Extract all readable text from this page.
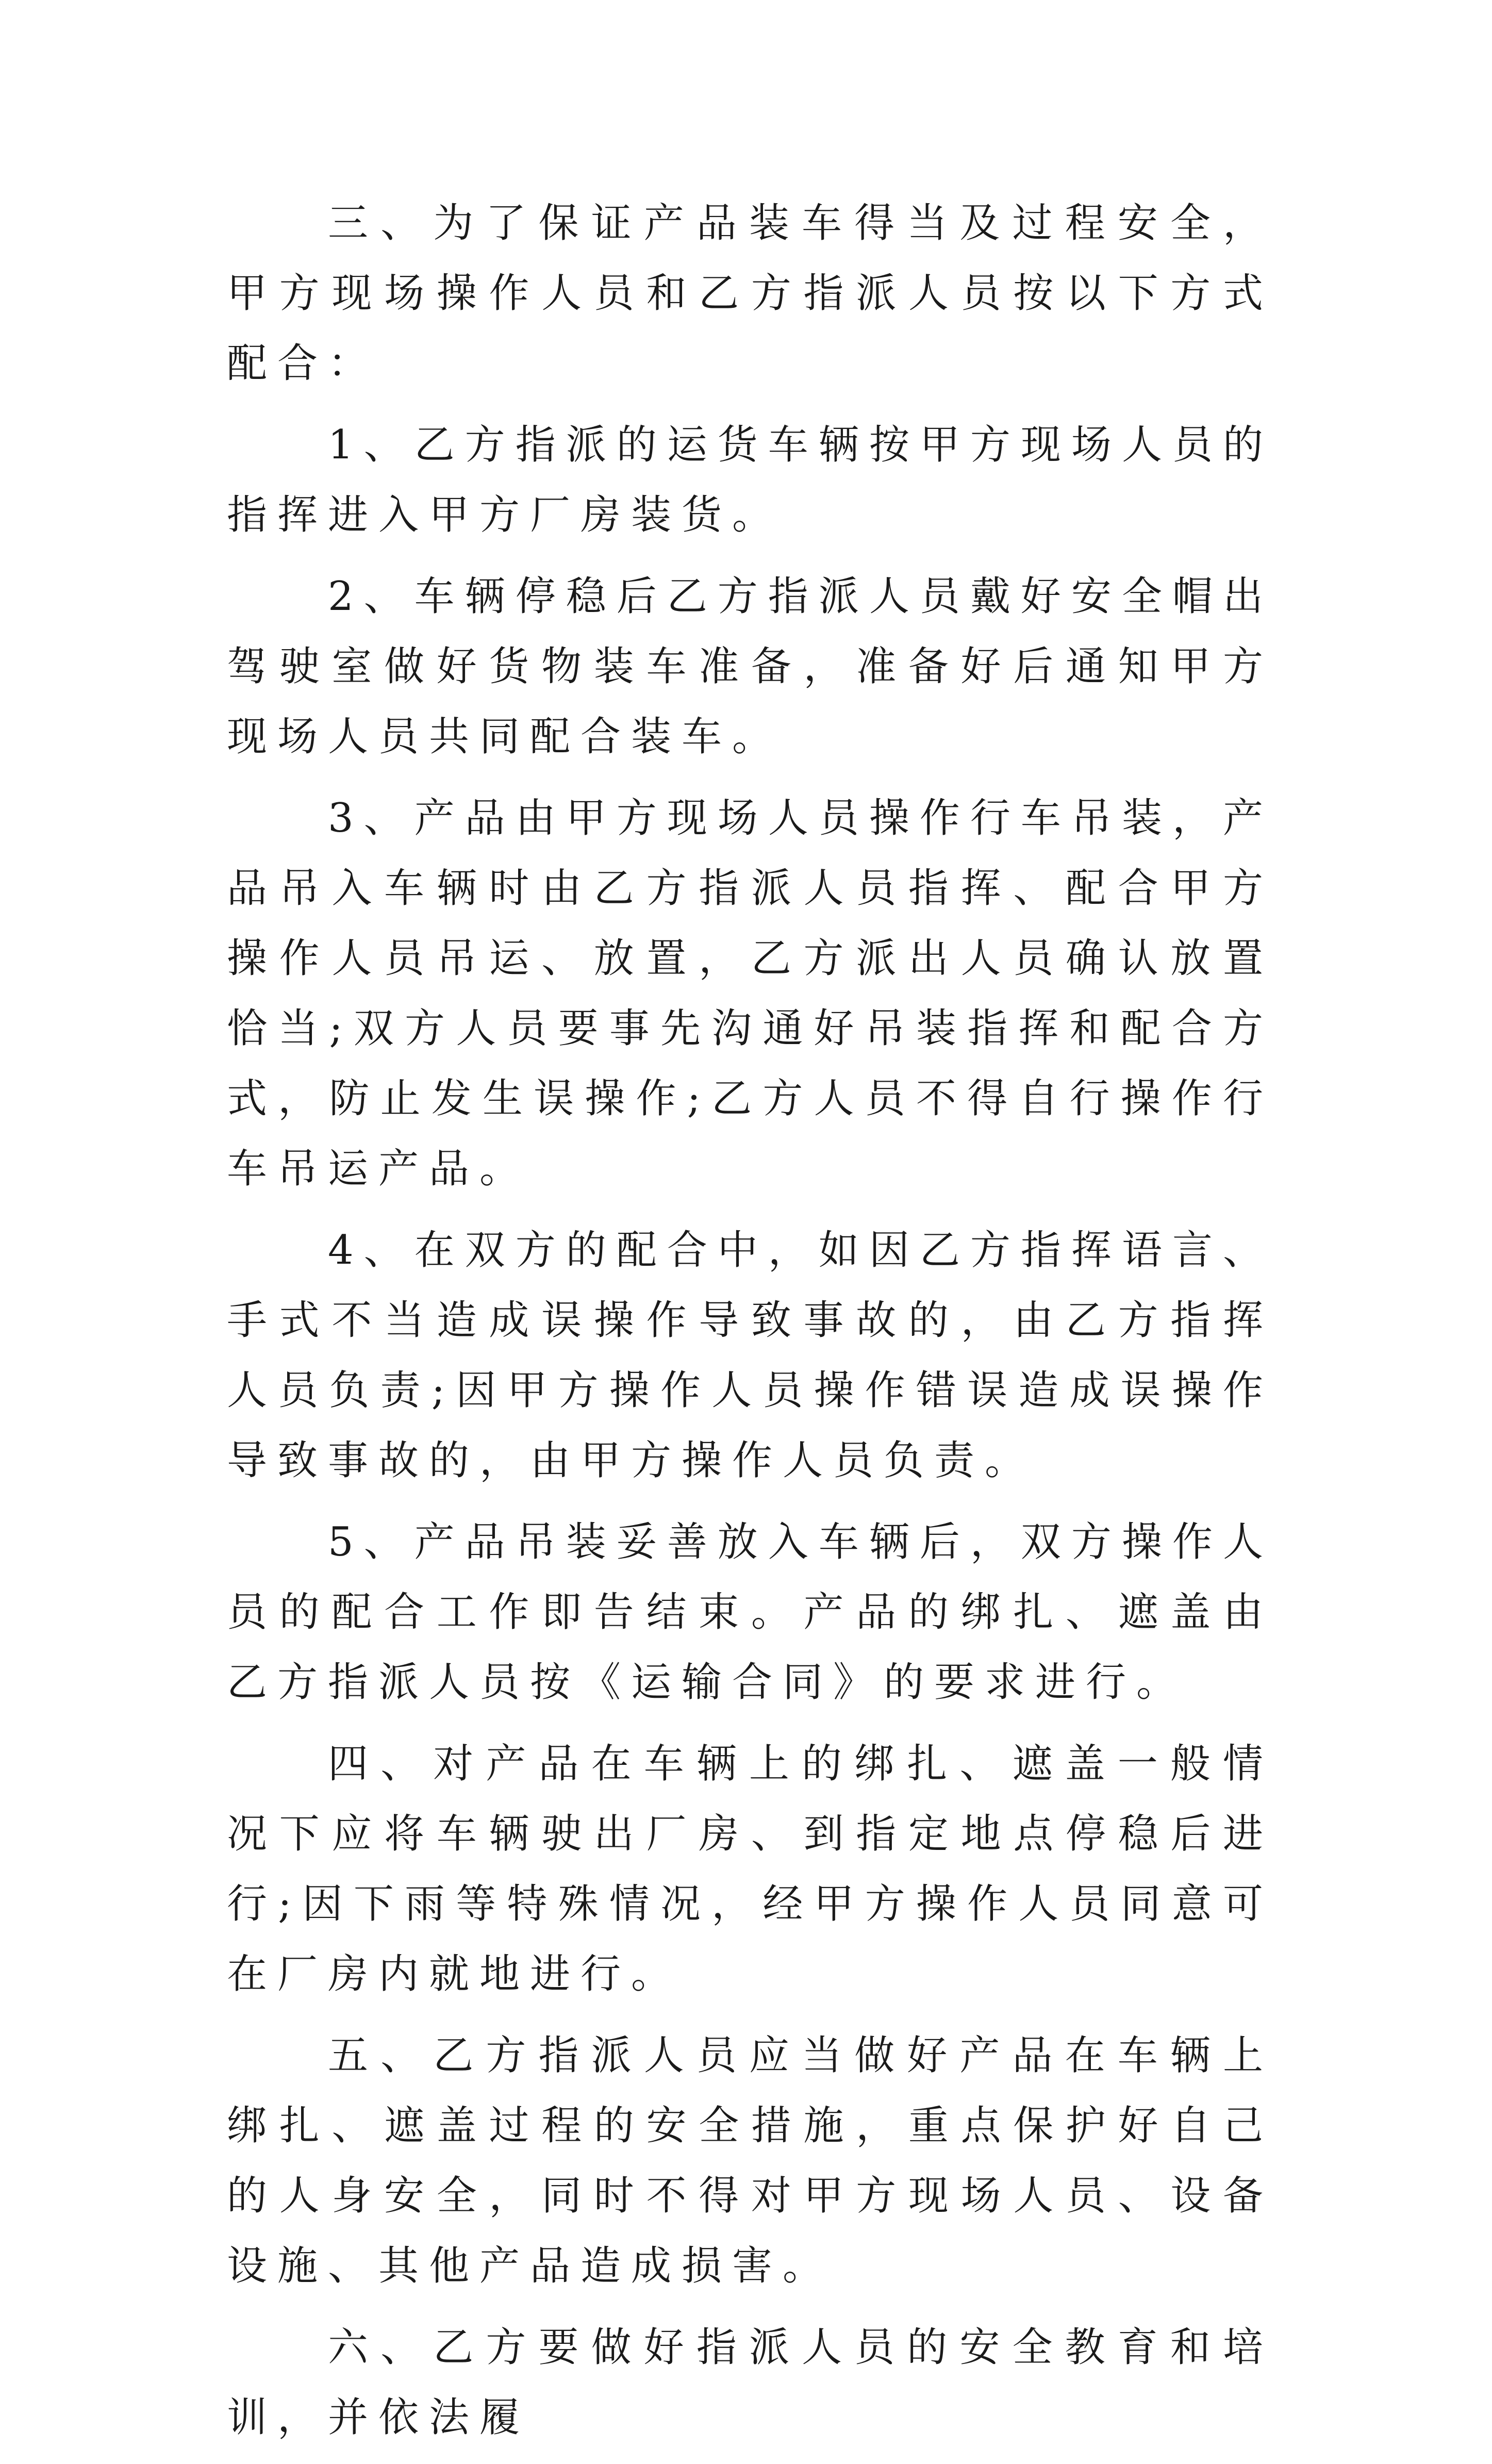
三、为了保证产品装车得当及过程安全，甲方现场操作人员和乙方指派人员按以下方式配合：

1、乙方指派的运货车辆按甲方现场人员的指挥进入甲方厂房装货。

2、车辆停稳后乙方指派人员戴好安全帽出驾驶室做好货物装车准备，准备好后通知甲方现场人员共同配合装车。

3、产品由甲方现场人员操作行车吊装，产品吊入车辆时由乙方指派人员指挥、配合甲方操作人员吊运、放置，乙方派出人员确认放置恰当;双方人员要事先沟通好吊装指挥和配合方式，防止发生误操作;乙方人员不得自行操作行车吊运产品。

4、在双方的配合中，如因乙方指挥语言、手式不当造成误操作导致事故的，由乙方指挥人员负责;因甲方操作人员操作错误造成误操作导致事故的，由甲方操作人员负责。

5、产品吊装妥善放入车辆后，双方操作人员的配合工作即告结束。产品的绑扎、遮盖由乙方指派人员按《运输合同》的要求进行。

四、对产品在车辆上的绑扎、遮盖一般情况下应将车辆驶出厂房、到指定地点停稳后进行;因下雨等特殊情况，经甲方操作人员同意可在厂房内就地进行。

五、乙方指派人员应当做好产品在车辆上绑扎、遮盖过程的安全措施，重点保护好自己的人身安全，同时不得对甲方现场人员、设备设施、其他产品造成损害。

六、乙方要做好指派人员的安全教育和培训，并依法履
